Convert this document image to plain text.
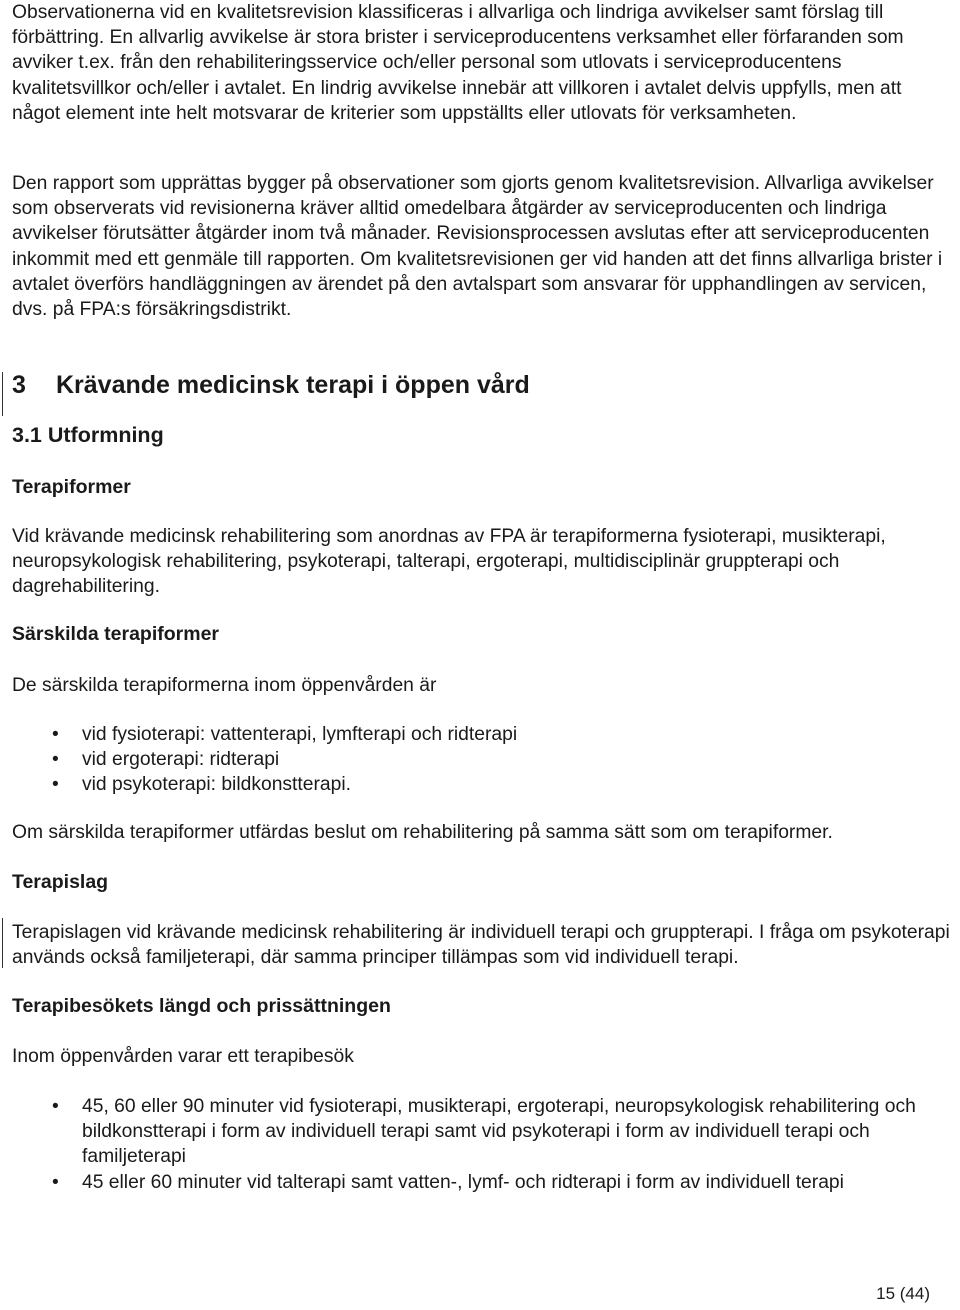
Observationerna vid en kvalitetsrevision klassificeras i allvarliga och lindriga avvikelser samt förslag till förbättring. En allvarlig avvikelse är stora brister i serviceproducentens verksamhet eller förfaranden som avviker t.ex. från den rehabiliteringsservice och/eller personal som utlovats i serviceproducentens kvalitetsvillkor och/eller i avtalet. En lindrig avvikelse innebär att villkoren i avtalet delvis uppfylls, men att något element inte helt motsvarar de kriterier som uppställts eller utlovats för verksamheten.

Den rapport som upprättas bygger på observationer som gjorts genom kvalitetsrevision. Allvarliga avvikelser som observerats vid revisionerna kräver alltid omedelbara åtgärder av serviceproducenten och lindriga avvikelser förutsätter åtgärder inom två månader. Revisionsprocessen avslutas efter att serviceproducenten inkommit med ett genmäle till rapporten. Om kvalitetsrevisionen ger vid handen att det finns allvarliga brister i avtalet överförs handläggningen av ärendet på den avtalspart som ansvarar för upphandlingen av servicen, dvs. på FPA:s försäkringsdistrikt.

3 Krävande medicinsk terapi i öppen vård
3.1 Utformning
Terapiformer

Vid krävande medicinsk rehabilitering som anordnas av FPA är terapiformerna fysioterapi, musikterapi, neuropsykologisk rehabilitering, psykoterapi, talterapi, ergoterapi, multidisciplinär gruppterapi och dagrehabilitering.

Särskilda terapiformer

De särskilda terapiformerna inom öppenvården är

• vid fysioterapi: vattenterapi, lymfterapi och ridterapi
• vid ergoterapi: ridterapi
• vid psykoterapi: bildkonstterapi.

Om särskilda terapiformer utfärdas beslut om rehabilitering på samma sätt som om terapiformer.

Terapislag

Terapislagen vid krävande medicinsk rehabilitering är individuell terapi och gruppterapi. I fråga om psykoterapi används också familjeterapi, där samma principer tillämpas som vid individuell terapi.

Terapibesökets längd och prissättningen

Inom öppenvården varar ett terapibesök

• 45, 60 eller 90 minuter vid fysioterapi, musikterapi, ergoterapi, neuropsykologisk rehabilitering och bildkonstterapi i form av individuell terapi samt vid psykoterapi i form av individuell terapi och familjeterapi
• 45 eller 60 minuter vid talterapi samt vatten-, lymf- och ridterapi i form av individuell terapi
15 (44)
